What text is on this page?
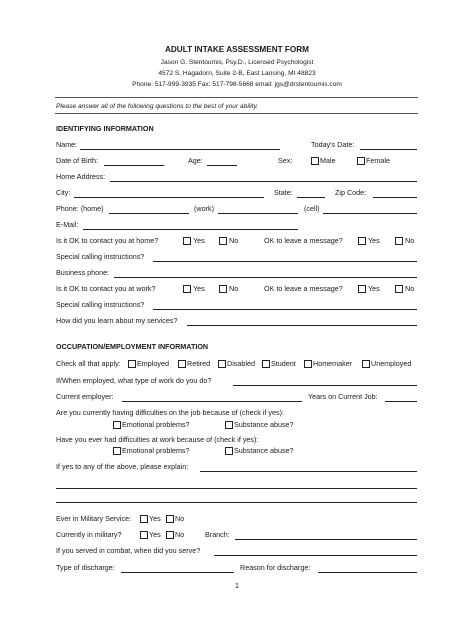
ADULT INTAKE ASSESSMENT FORM
Jason G. Stentoumis, Psy.D., Licensed Psychologist
4572 S. Hagadorn, Suite 2-B, East Lansing, MI 48823
Phone: 517-999-3935 Fax: 517-798-5668 email: jgs@drstentoumis.com
Please answer all of the following questions to the best of your ability.
IDENTIFYING INFORMATION
Name:	Today's Date:
Date of Birth:	Age:	Sex:	Male	Female
Home Address:
City:	State:	Zip Code:
Phone: (home)	(work)	(cell)
E-Mail:
Is it OK to contact you at home?	Yes	No	OK to leave a message?	Yes	No
Special calling instructions?
Business phone:
Is it OK to contact you at work?	Yes	No	OK to leave a message?	Yes	No
Special calling instructions?
How did you learn about my services?
OCCUPATION/EMPLOYMENT INFORMATION
Check all that apply: Employed	Retired Disabled Student Homemaker	Unemployed
If/When employed, what type of work do you do?
Current employer:	Years on Current Job:
Are you currently having difficulties on the job because of (check if yes):
Emotional problems?	Substance abuse?
Have you ever had difficulties at work because of (check if yes):
Emotional problems?	Substance abuse?
If yes to any of the above, please explain:
Ever in Military Service: Yes No
Currently in military?	Yes No	Branch:
If you served in combat, when did you serve?
Type of discharge:	Reason for discharge:
1
